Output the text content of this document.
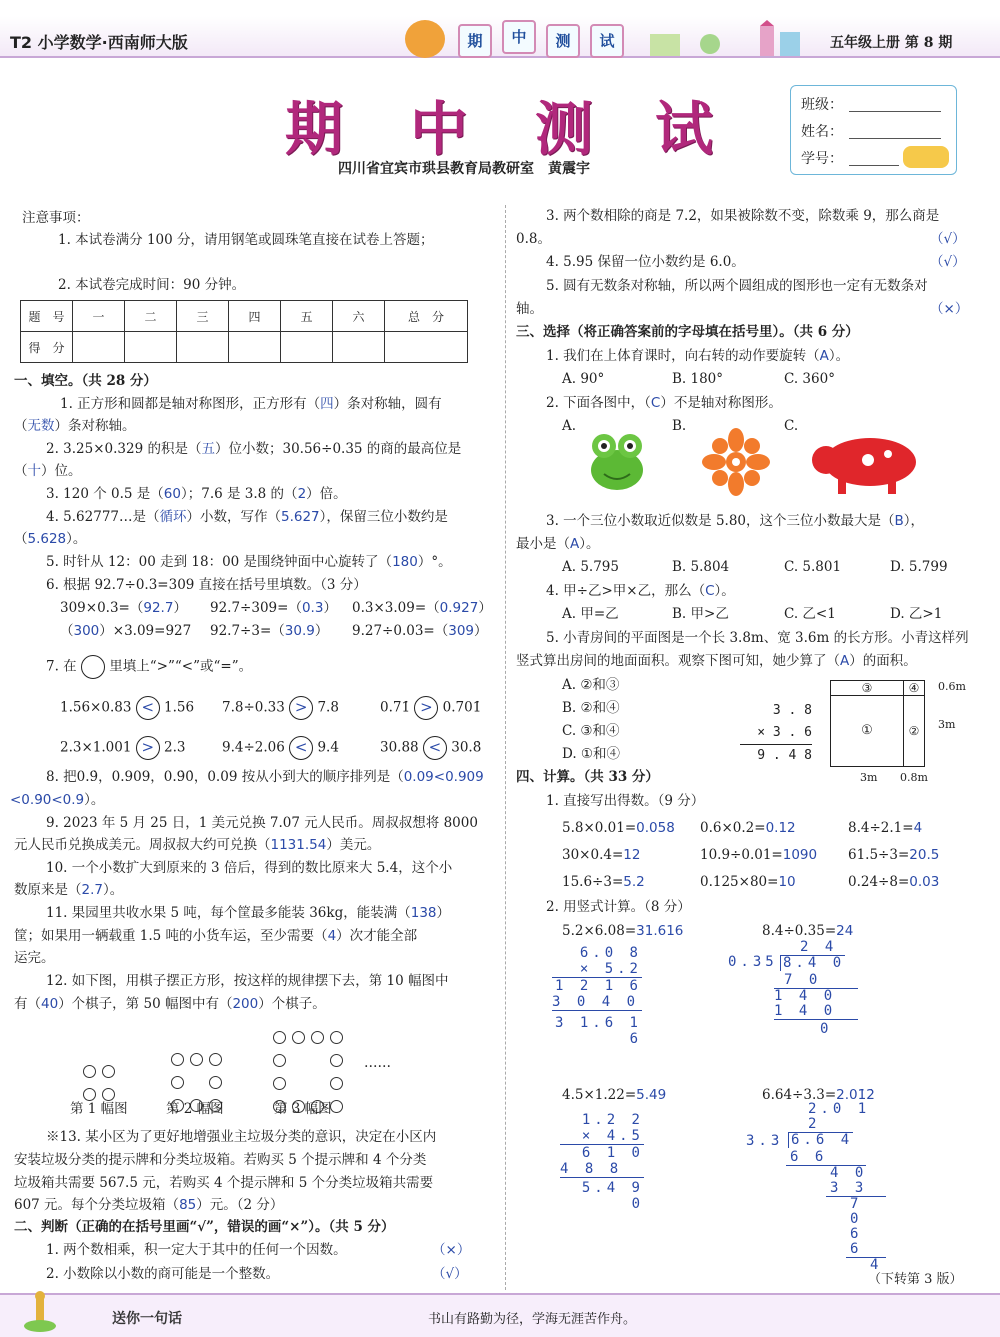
T2 小学数学·西南师大版	期	中	测	试	五年级上册 第 8 期
期 中 测 试
四川省宜宾市珙县教育局教研室　黄震宇
班级：
姓名：
学号：
注意事项：
1. 本试卷满分 100 分，请用钢笔或圆珠笔直接在试卷上答题；
2. 本试卷完成时间：90 分钟。
题　号	一	二	三	四	五	六	总　分
得　分							
一、填空。（共 28 分）
1. 正方形和圆都是轴对称图形，正方形有（四）条对称轴，圆有
（无数）条对称轴。
2. 3.25×0.329 的积是（五）位小数；30.56÷0.35 的商的最高位是
（十）位。
3. 120 个 0.5 是（60）；7.6 是 3.8 的（2）倍。
4. 5.62777…是（循环）小数，写作（5.627̇），保留三位小数约是
（5.628）。
5. 时针从 12：00 走到 18：00 是围绕钟面中心旋转了（180）°。
6. 根据 92.7÷0.3=309 直接在括号里填数。（3 分）
309×0.3=（92.7） 92.7÷309=（0.3） 0.3×3.09=（0.927）
（300）×3.09=927 92.7÷3=（30.9） 9.27÷0.03=（309）
7. 在 里填上“>”“<”或“=”。
1.56×0.83 < 1.56 7.8÷0.33 > 7.8	0.71̇ > 0.701̇
2.3×1.001 > 2.3	9.4÷2.06 < 9.4	30.88 < 30.8̇
8. 把0.9̇，0.909，0.9̇0̇，0.09 按从小到大的顺序排列是（0.09<0.909
<0.9̇0̇<0.9̇）。
9. 2023 年 5 月 25 日，1 美元兑换 7.07 元人民币。周叔叔想将 8000
元人民币兑换成美元。周叔叔大约可兑换（1131.54）美元。
10. 一个小数扩大到原来的 3 倍后，得到的数比原来大 5.4，这个小
数原来是（2.7）。
11. 果园里共收水果 5 吨，每个筐最多能装 36kg，能装满（138）
筐；如果用一辆载重 1.5 吨的小货车运，至少需要（4）次才能全部
运完。
12. 如下图，用棋子摆正方形，按这样的规律摆下去，第 10 幅图中
有（40）个棋子，第 50 幅图中有（200）个棋子。

第 1 幅图	第 2 幅图	第 3 幅图
……
※13. 某小区为了更好地增强业主垃圾分类的意识，决定在小区内
安装垃圾分类的提示牌和分类垃圾箱。若购买 5 个提示牌和 4 个分类
垃圾箱共需要 567.5 元，若购买 4 个提示牌和 5 个分类垃圾箱共需要
607 元。每个分类垃圾箱（85）元。（2 分）
二、判断（正确的在括号里画“√”，错误的画“×”）。（共 5 分）
1. 两个数相乘，积一定大于其中的任何一个因数。	（×）
2. 小数除以小数的商可能是一个整数。	（√）
3. 两个数相除的商是 7.2，如果被除数不变，除数乘 9，那么商是
0.8。	（√）
4. 5.95 保留一位小数约是 6.0。	（√）
5. 圆有无数条对称轴，所以两个圆组成的图形也一定有无数条对
轴。	（×）
三、选择（将正确答案前的字母填在括号里）。（共 6 分）
1. 我们在上体育课时，向右转的动作要旋转（A）。
A. 90°	B. 180°	C. 360°
2. 下面各图中，（C）不是轴对称图形。
A.	B.	C.
3. 一个三位小数取近似数是 5.80，这个三位小数最大是（B），
最小是（A）。
A. 5.795	B. 5.804	C. 5.801	D. 5.799
4. 甲÷乙>甲×乙，那么（C）。
A. 甲=乙	B. 甲>乙	C. 乙<1	D. 乙>1
5. 小青房间的平面图是一个长 3.8m、宽 3.6m 的长方形。小青这样列
竖式算出房间的地面面积。观察下图可知，她少算了（A）的面积。
A. ②和③
B. ②和④
C. ③和④
D. ①和④
3 . 8
× 3 . 6
9 . 4 8
③	④
①	②
0.6m
3m
3m 0.8m
四、计算。（共 33 分）
1. 直接写出得数。（9 分）
5.8×0.01=0.058 0.6×0.2=0.12	8.4÷2.1=4
30×0.4=12	10.9÷0.01=1090 61.5÷3=20.5
15.6÷3=5.2	0.125×80=10	0.24÷8=0.03
2. 用竖式计算。（8 分）
5.2×6.08=31.616
6.0 8
× 5.2
1 2 1 6
3 0 4 0
3 1.6 1 6
8.4÷0.35=24
2 4
0.35 8.4 0
7 0
1 4 0
1 4 0
0
4.5×1.22=5.49
1.2 2
× 4.5
6 1 0
4 8 8
5.4 9 0
6.64÷3.3=2.01̇2̇
2.0 1 2
3.3 6.6 4
6 6
4 0
3 3
7 0
6 6
4
（下转第 3 版）
送你一句话	书山有路勤为径，学海无涯苦作舟。
